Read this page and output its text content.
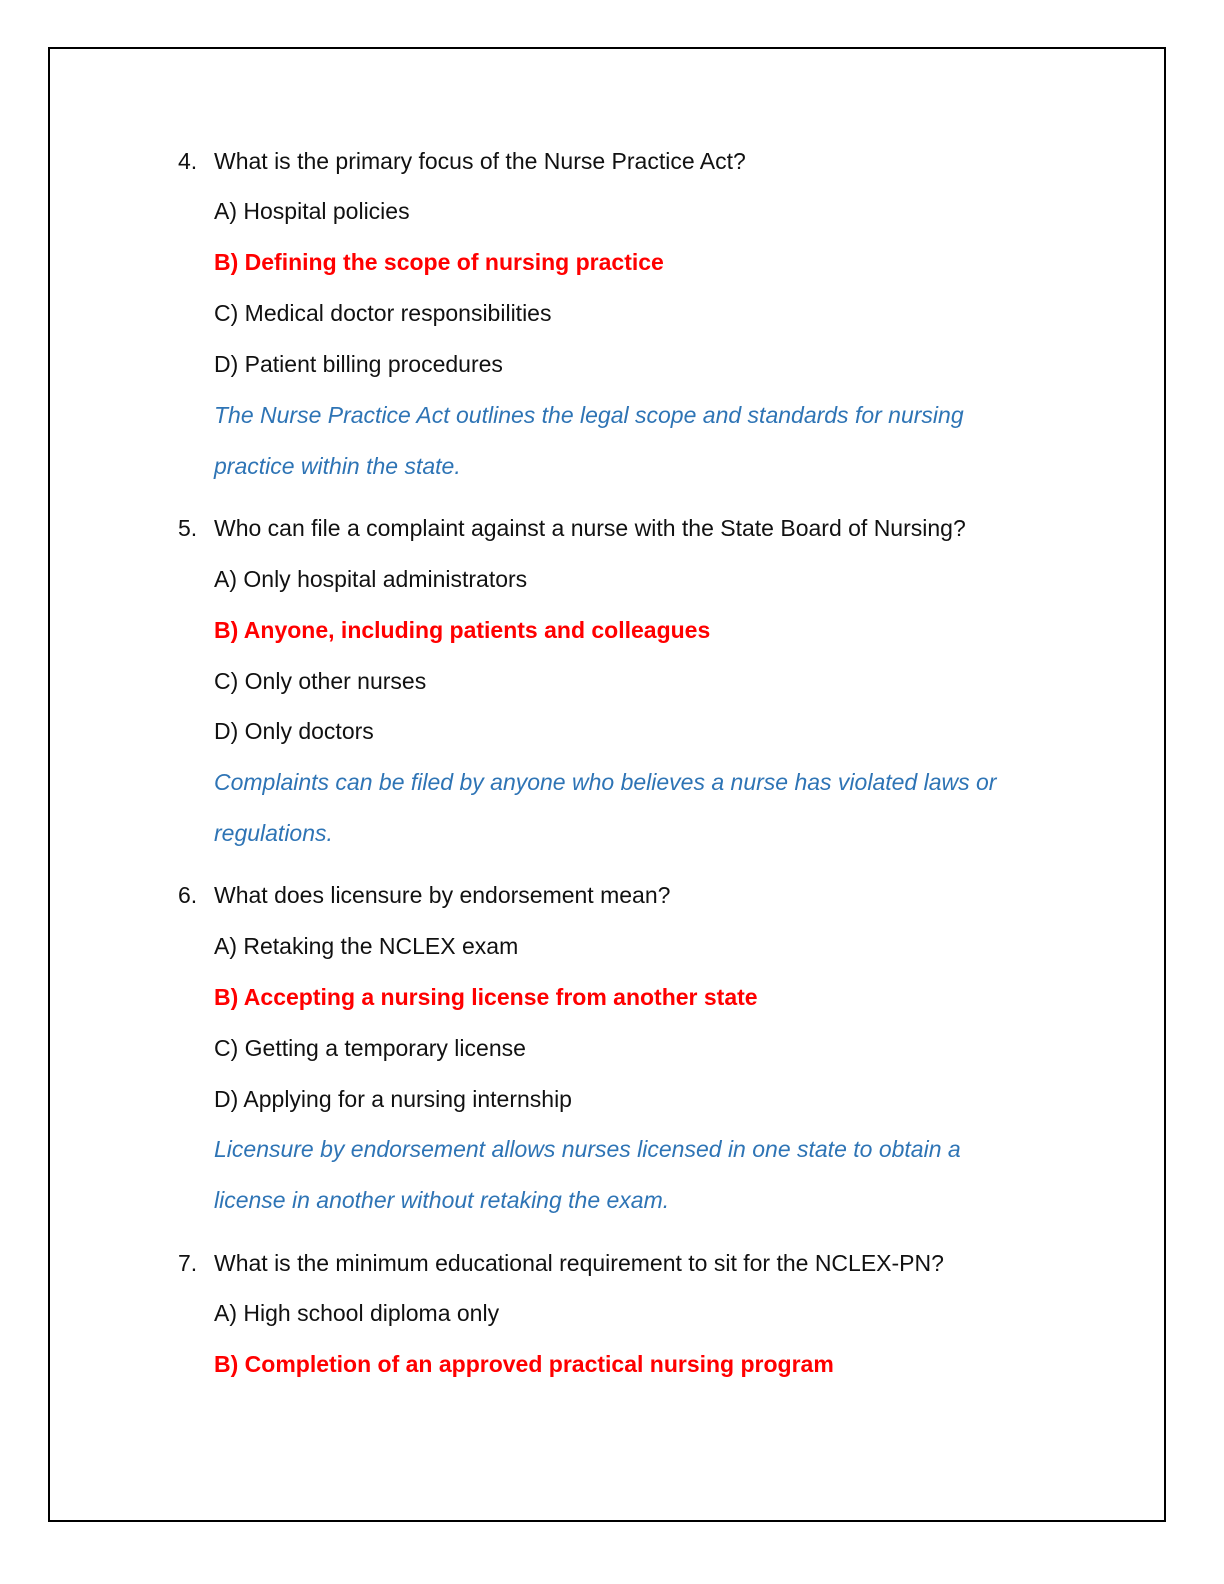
4. What is the primary focus of the Nurse Practice Act?
A) Hospital policies
B) Defining the scope of nursing practice
C) Medical doctor responsibilities
D) Patient billing procedures
The Nurse Practice Act outlines the legal scope and standards for nursing
practice within the state.
5. Who can file a complaint against a nurse with the State Board of Nursing?
A) Only hospital administrators
B) Anyone, including patients and colleagues
C) Only other nurses
D) Only doctors
Complaints can be filed by anyone who believes a nurse has violated laws or
regulations.
6. What does licensure by endorsement mean?
A) Retaking the NCLEX exam
B) Accepting a nursing license from another state
C) Getting a temporary license
D) Applying for a nursing internship
Licensure by endorsement allows nurses licensed in one state to obtain a
license in another without retaking the exam.
7. What is the minimum educational requirement to sit for the NCLEX-PN?
A) High school diploma only
B) Completion of an approved practical nursing program
